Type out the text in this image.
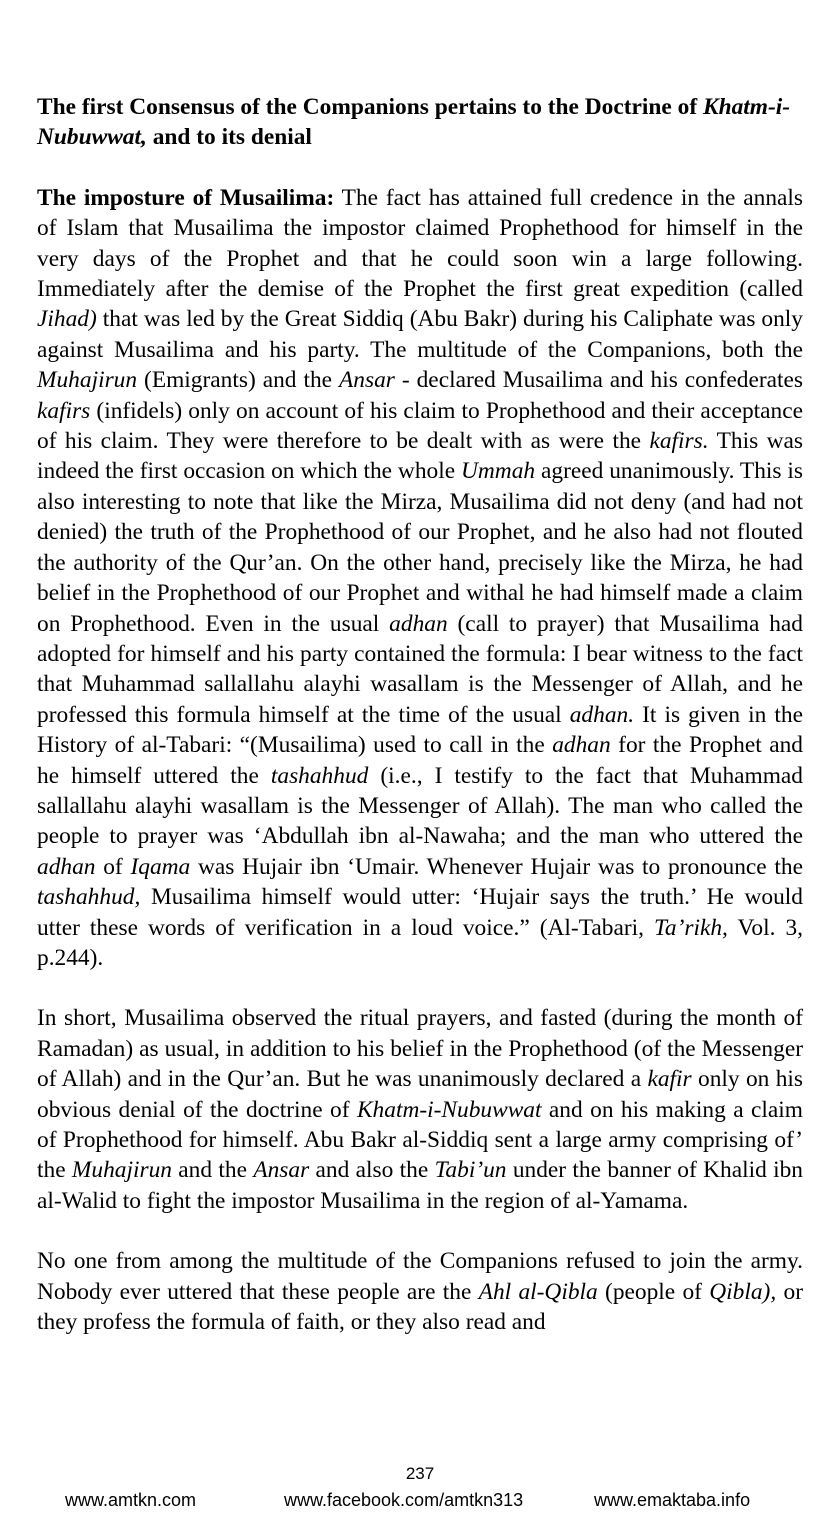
The first Consensus of the Companions pertains to the Doctrine of Khatm-i-Nubuwwat, and to its denial
The imposture of Musailima: The fact has attained full credence in the annals of Islam that Musailima the impostor claimed Prophethood for himself in the very days of the Prophet and that he could soon win a large following. Immediately after the demise of the Prophet the first great expedition (called Jihad) that was led by the Great Siddiq (Abu Bakr) during his Caliphate was only against Musailima and his party. The multitude of the Companions, both the Muhajirun (Emigrants) and the Ansar - declared Musailima and his confederates kafirs (infidels) only on account of his claim to Prophethood and their acceptance of his claim. They were therefore to be dealt with as were the kafirs. This was indeed the first occasion on which the whole Ummah agreed unanimously. This is also interesting to note that like the Mirza, Musailima did not deny (and had not denied) the truth of the Prophethood of our Prophet, and he also had not flouted the authority of the Qur’an. On the other hand, precisely like the Mirza, he had belief in the Prophethood of our Prophet and withal he had himself made a claim on Prophethood. Even in the usual adhan (call to prayer) that Musailima had adopted for himself and his party contained the formula: I bear witness to the fact that Muhammad sallallahu alayhi wasallam is the Messenger of Allah, and he professed this formula himself at the time of the usual adhan. It is given in the History of al-Tabari: “(Musailima) used to call in the adhan for the Prophet and he himself uttered the tashahhud (i.e., I testify to the fact that Muhammad sallallahu alayhi wasallam is the Messenger of Allah). The man who called the people to prayer was ‘Abdullah ibn al-Nawaha; and the man who uttered the adhan of Iqama was Hujair ibn ‘Umair. Whenever Hujair was to pronounce the tashahhud, Musailima himself would utter: ‘Hujair says the truth.’ He would utter these words of verification in a loud voice.” (Al-Tabari, Ta’rikh, Vol. 3, p.244).
In short, Musailima observed the ritual prayers, and fasted (during the month of Ramadan) as usual, in addition to his belief in the Prophethood (of the Messenger of Allah) and in the Qur’an. But he was unanimously declared a kafir only on his obvious denial of the doctrine of Khatm-i-Nubuwwat and on his making a claim of Prophethood for himself. Abu Bakr al-Siddiq sent a large army comprising of’ the Muhajirun and the Ansar and also the Tabi’un under the banner of Khalid ibn al-Walid to fight the impostor Musailima in the region of al-Yamama.
No one from among the multitude of the Companions refused to join the army. Nobody ever uttered that these people are the Ahl al-Qibla (people of Qibla), or they profess the formula of faith, or they also read and
237
www.amtkn.com	www.facebook.com/amtkn313	www.emaktaba.info
